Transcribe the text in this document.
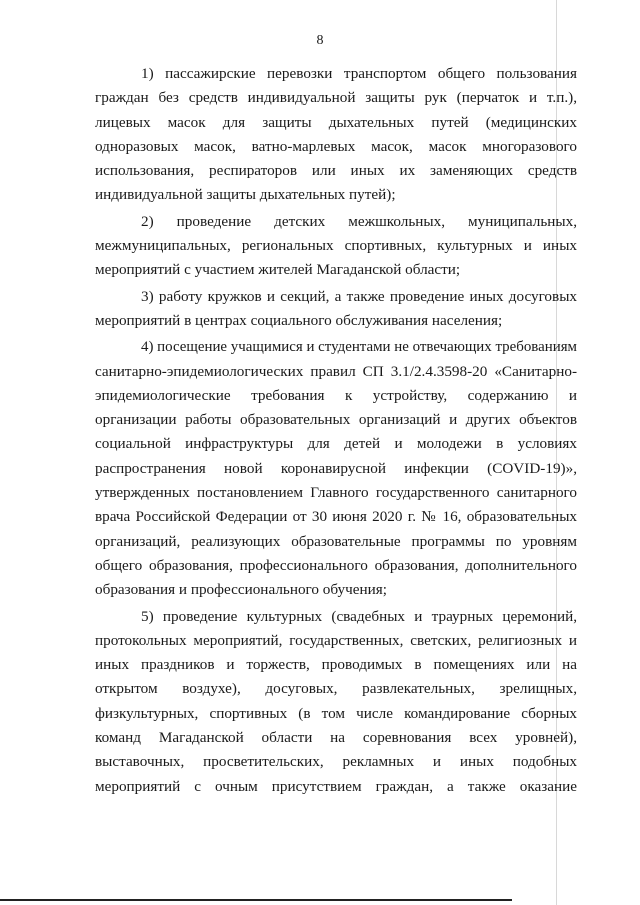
8

1) пассажирские перевозки транспортом общего пользования
граждан без средств индивидуальной защиты рук (перчаток и т.п.),
лицевых масок для защиты дыхательных путей (медицинских
одноразовых масок, ватно-марлевых масок, масок многоразового
использования, респираторов или иных их заменяющих средств
индивидуальной защиты дыхательных путей);

2) проведение детских межшкольных, муниципальных,
межмуниципальных, региональных спортивных, культурных и иных
мероприятий с участием жителей Магаданской области;

3) работу кружков и секций, а также проведение иных досуговых
мероприятий в центрах социального обслуживания населения;

4) посещение учащимися и студентами не отвечающих требованиям
санитарно-эпидемиологических правил СП 3.1/2.4.3598-20 «Санитарно-
эпидемиологические требования к устройству, содержанию и
организации работы образовательных организаций и других объектов
социальной инфраструктуры для детей и молодежи в условиях
распространения новой коронавирусной инфекции (COVID-19)»,
утвержденных постановлением Главного государственного санитарного
врача Российской Федерации от 30 июня 2020 г. № 16, образовательных
организаций, реализующих образовательные программы по уровням
общего образования, профессионального образования, дополнительного
образования и профессионального обучения;

5) проведение культурных (свадебных и траурных церемоний,
протокольных мероприятий, государственных, светских, религиозных и
иных праздников и торжеств, проводимых в помещениях или на
открытом воздухе), досуговых, развлекательных, зрелищных,
физкультурных, спортивных (в том числе командирование сборных
команд Магаданской области на соревнования всех уровней),
выставочных, просветительских, рекламных и иных подобных
мероприятий с очным присутствием граждан, а также оказание
